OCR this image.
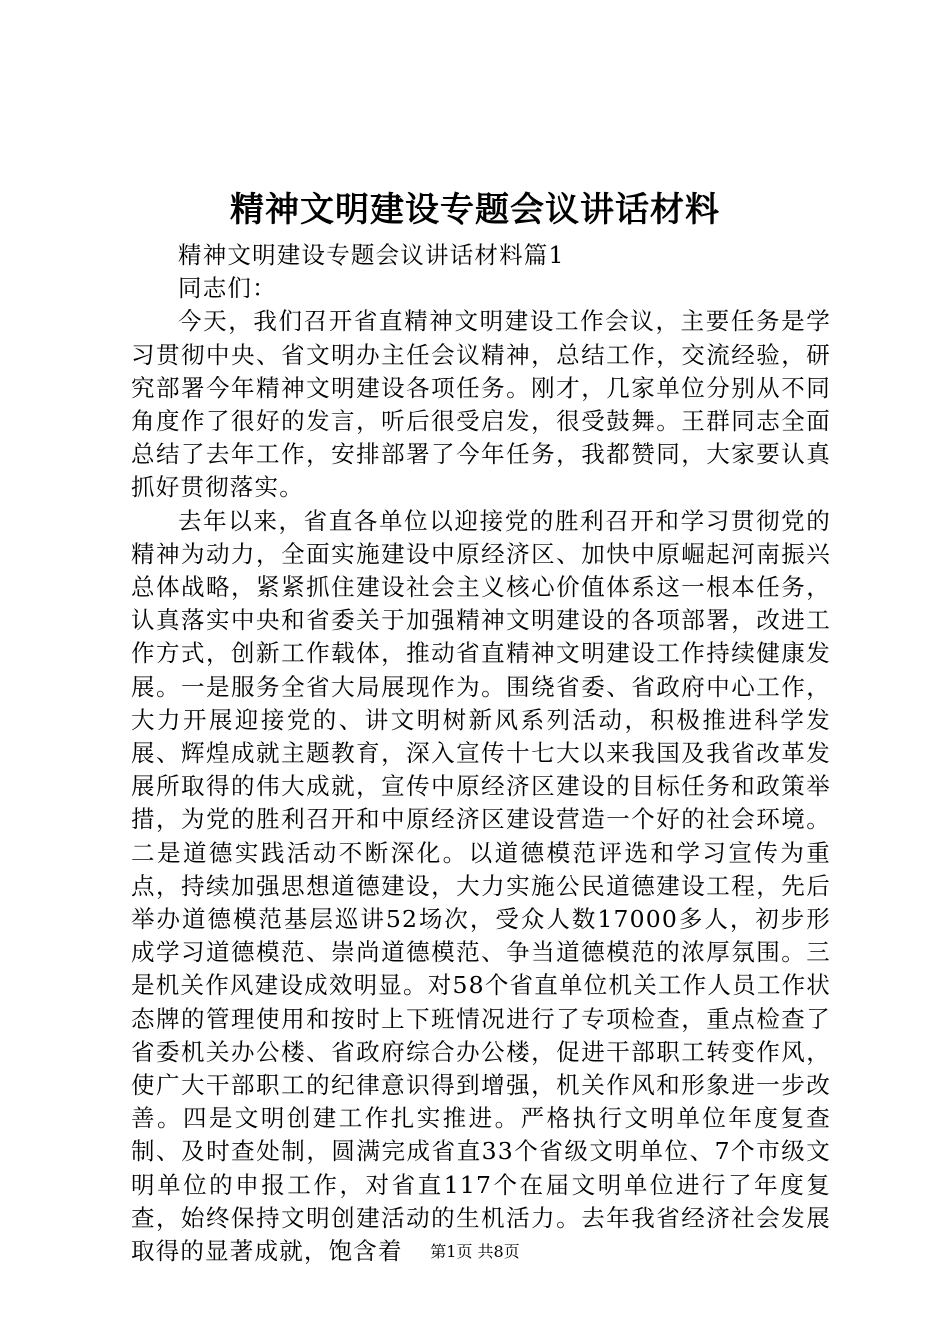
精神文明建设专题会议讲话材料

精神文明建设专题会议讲话材料篇1

同志们：

今天，我们召开省直精神文明建设工作会议，主要任务是学习贯彻中央、省文明办主任会议精神，总结工作，交流经验，研究部署今年精神文明建设各项任务。刚才，几家单位分别从不同角度作了很好的发言，听后很受启发，很受鼓舞。王群同志全面总结了去年工作，安排部署了今年任务，我都赞同，大家要认真抓好贯彻落实。

去年以来，省直各单位以迎接党的胜利召开和学习贯彻党的精神为动力，全面实施建设中原经济区、加快中原崛起河南振兴总体战略，紧紧抓住建设社会主义核心价值体系这一根本任务，认真落实中央和省委关于加强精神文明建设的各项部署，改进工作方式，创新工作载体，推动省直精神文明建设工作持续健康发展。一是服务全省大局展现作为。围绕省委、省政府中心工作，大力开展迎接党的、讲文明树新风系列活动，积极推进科学发展、辉煌成就主题教育，深入宣传十七大以来我国及我省改革发展所取得的伟大成就，宣传中原经济区建设的目标任务和政策举措，为党的胜利召开和中原经济区建设营造一个好的社会环境。二是道德实践活动不断深化。以道德模范评选和学习宣传为重点，持续加强思想道德建设，大力实施公民道德建设工程，先后举办道德模范基层巡讲52场次，受众人数17000多人，初步形成学习道德模范、崇尚道德模范、争当道德模范的浓厚氛围。三是机关作风建设成效明显。对58个省直单位机关工作人员工作状态牌的管理使用和按时上下班情况进行了专项检查，重点检查了省委机关办公楼、省政府综合办公楼，促进干部职工转变作风，使广大干部职工的纪律意识得到增强，机关作风和形象进一步改善。四是文明创建工作扎实推进。严格执行文明单位年度复查制、及时查处制，圆满完成省直33个省级文明单位、7个市级文明单位的申报工作，对省直117个在届文明单位进行了年度复查，始终保持文明创建活动的生机活力。去年我省经济社会发展取得的显著成就，饱含着	第1页 共8页
